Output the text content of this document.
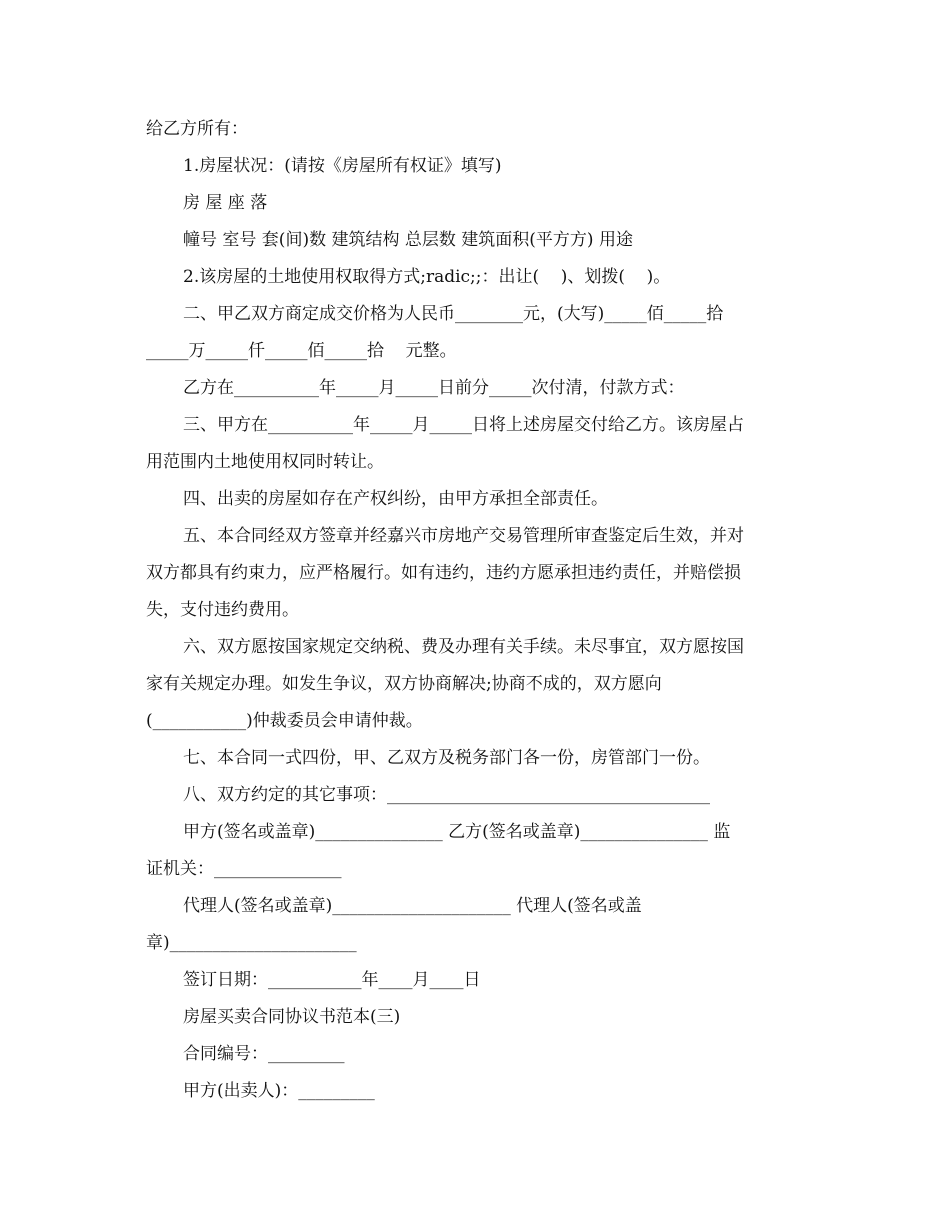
给乙方所有：
1.房屋状况：(请按《房屋所有权证》填写)
房 屋 座 落
幢号 室号 套(间)数 建筑结构 总层数 建筑面积(平方方) 用途
2.该房屋的土地使用权取得方式;radic;;：出让(    )、划拨(    )。
二、甲乙双方商定成交价格为人民币________元，(大写)_____佰_____拾
_____万_____仟_____佰_____拾    元整。
乙方在__________年_____月_____日前分_____次付清，付款方式：
三、甲方在__________年_____月_____日将上述房屋交付给乙方。该房屋占
用范围内土地使用权同时转让。
四、出卖的房屋如存在产权纠纷，由甲方承担全部责任。
五、本合同经双方签章并经嘉兴市房地产交易管理所审查鉴定后生效，并对
双方都具有约束力，应严格履行。如有违约，违约方愿承担违约责任，并赔偿损
失，支付违约费用。
六、双方愿按国家规定交纳税、费及办理有关手续。未尽事宜，双方愿按国
家有关规定办理。如发生争议，双方协商解决;协商不成的，双方愿向
(___________)仲裁委员会申请仲裁。
七、本合同一式四份，甲、乙双方及税务部门各一份，房管部门一份。
八、双方约定的其它事项：______________________________________
甲方(签名或盖章)_______________ 乙方(签名或盖章)_______________ 监
证机关：_______________
代理人(签名或盖章)_____________________ 代理人(签名或盖
章)______________________
签订日期：___________年____月____日
房屋买卖合同协议书范本(三)
合同编号：_________
甲方(出卖人)：_________
